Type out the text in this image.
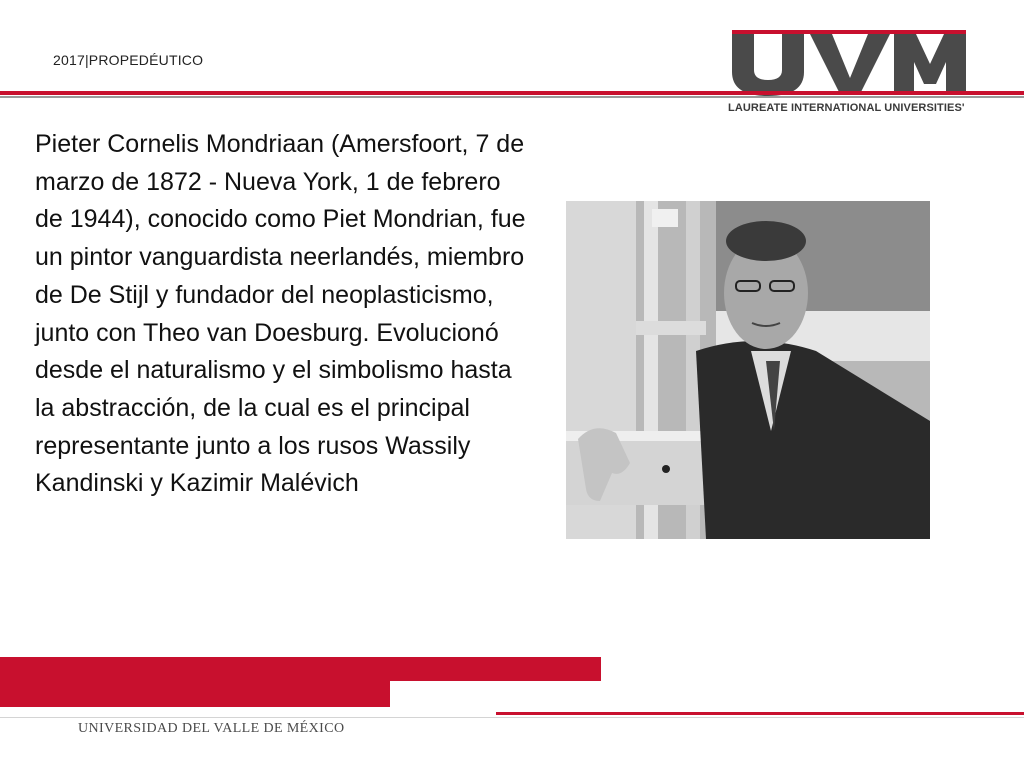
2017|PROPEDÉUTICO
LAUREATE INTERNATIONAL UNIVERSITIES'
Pieter Cornelis Mondriaan (Amersfoort, 7 de marzo de 1872 - Nueva York, 1 de febrero de 1944), conocido como Piet Mondrian, fue un pintor vanguardista neerlandés, miembro de De Stijl y fundador del neoplasticismo, junto con Theo van Doesburg. Evolucionó desde el naturalismo y el simbolismo hasta la abstracción, de la cual es el principal representante junto a los rusos Wassily Kandinski y Kazimir Malévich
UNIVERSIDAD DEL VALLE DE MÉXICO
